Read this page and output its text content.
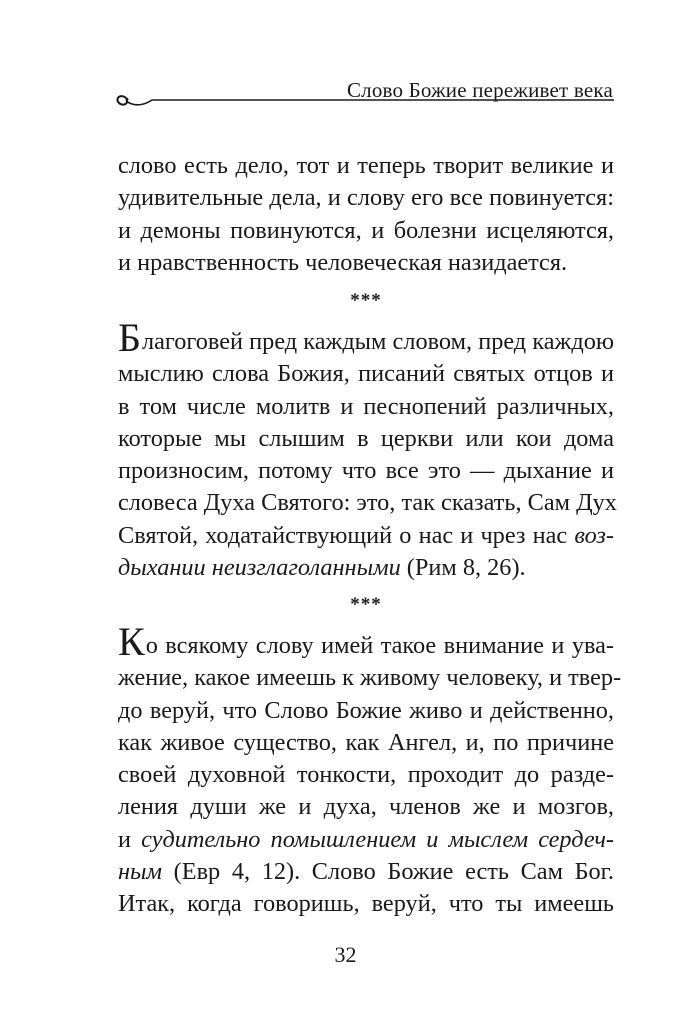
Слово Божие переживет века
слово есть дело, тот и теперь творит великие и
удивительные дела, и слову его все повинуется:
и демоны повинуются, и болезни исцеляются,
и нравственность человеческая назидается.
***
Благоговей пред каждым словом, пред каждою
мыслию слова Божия, писаний святых отцов и
в том числе молитв и песнопений различных,
которые мы слышим в церкви или кои дома
произносим, потому что все это — дыхание и
словеса Духа Святого: это, так сказать, Сам Дух
Святой, ходатайствующий о нас и чрез нас воз-
дыхании неизглаголанными (Рим 8, 26).
***
Ко всякому слову имей такое внимание и ува-
жение, какое имеешь к живому человеку, и твер-
до веруй, что Слово Божие живо и действенно,
как живое существо, как Ангел, и, по причине
своей духовной тонкости, проходит до разде-
ления души же и духа, членов же и мозгов,
и судительно помышлением и мыслем сердеч-
ным (Евр 4, 12). Слово Божие есть Сам Бог.
Итак, когда говоришь, веруй, что ты имеешь
32
